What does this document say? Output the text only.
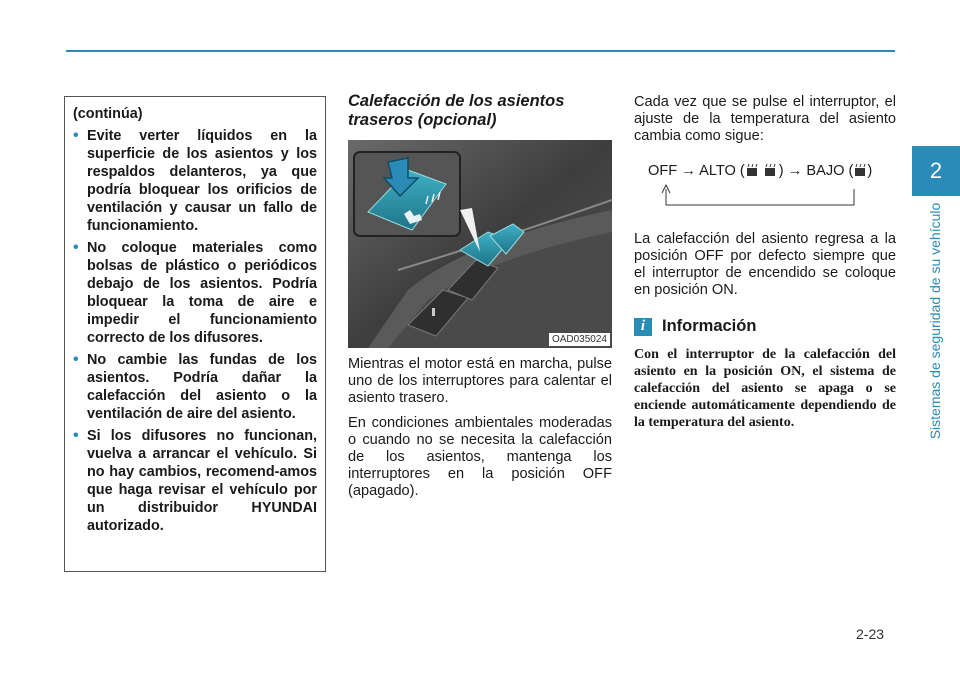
2
Sistemas de seguridad de su vehículo
(continúa)
• Evite verter líquidos en la superficie de los asientos y los respaldos delanteros, ya que podría bloquear los orificios de ventilación y causar un fallo de funcionamiento.
• No coloque materiales como bolsas de plástico o periódicos debajo de los asientos. Podría bloquear la toma de aire e impedir el funcionamiento correcto de los difusores.
• No cambie las fundas de los asientos. Podría dañar la calefacción del asiento o la ventilación de aire del asiento.
• Si los difusores no funcionan, vuelva a arrancar el vehículo. Si no hay cambios, recomend-amos que haga revisar el vehículo por un distribuidor HYUNDAI autorizado.
Calefacción de los asientos traseros (opcional)
OAD035024

Mientras el motor está en marcha, pulse uno de los interruptores para calentar el asiento trasero.

En condiciones ambientales moderadas o cuando no se necesita la calefacción de los asientos, mantenga los interruptores en la posición OFF (apagado).

Cada vez que se pulse el interruptor, el ajuste de la temperatura del asiento cambia como sigue:

OFF → ALTO ( ) → BAJO ( )

La calefacción del asiento regresa a la posición OFF por defecto siempre que el interruptor de encendido se coloque en posición ON.

i	Información
Con el interruptor de la calefacción del asiento en la posición ON, el sistema de calefacción del asiento se apaga o se enciende automáticamente dependiendo de la temperatura del asiento.
2-23
